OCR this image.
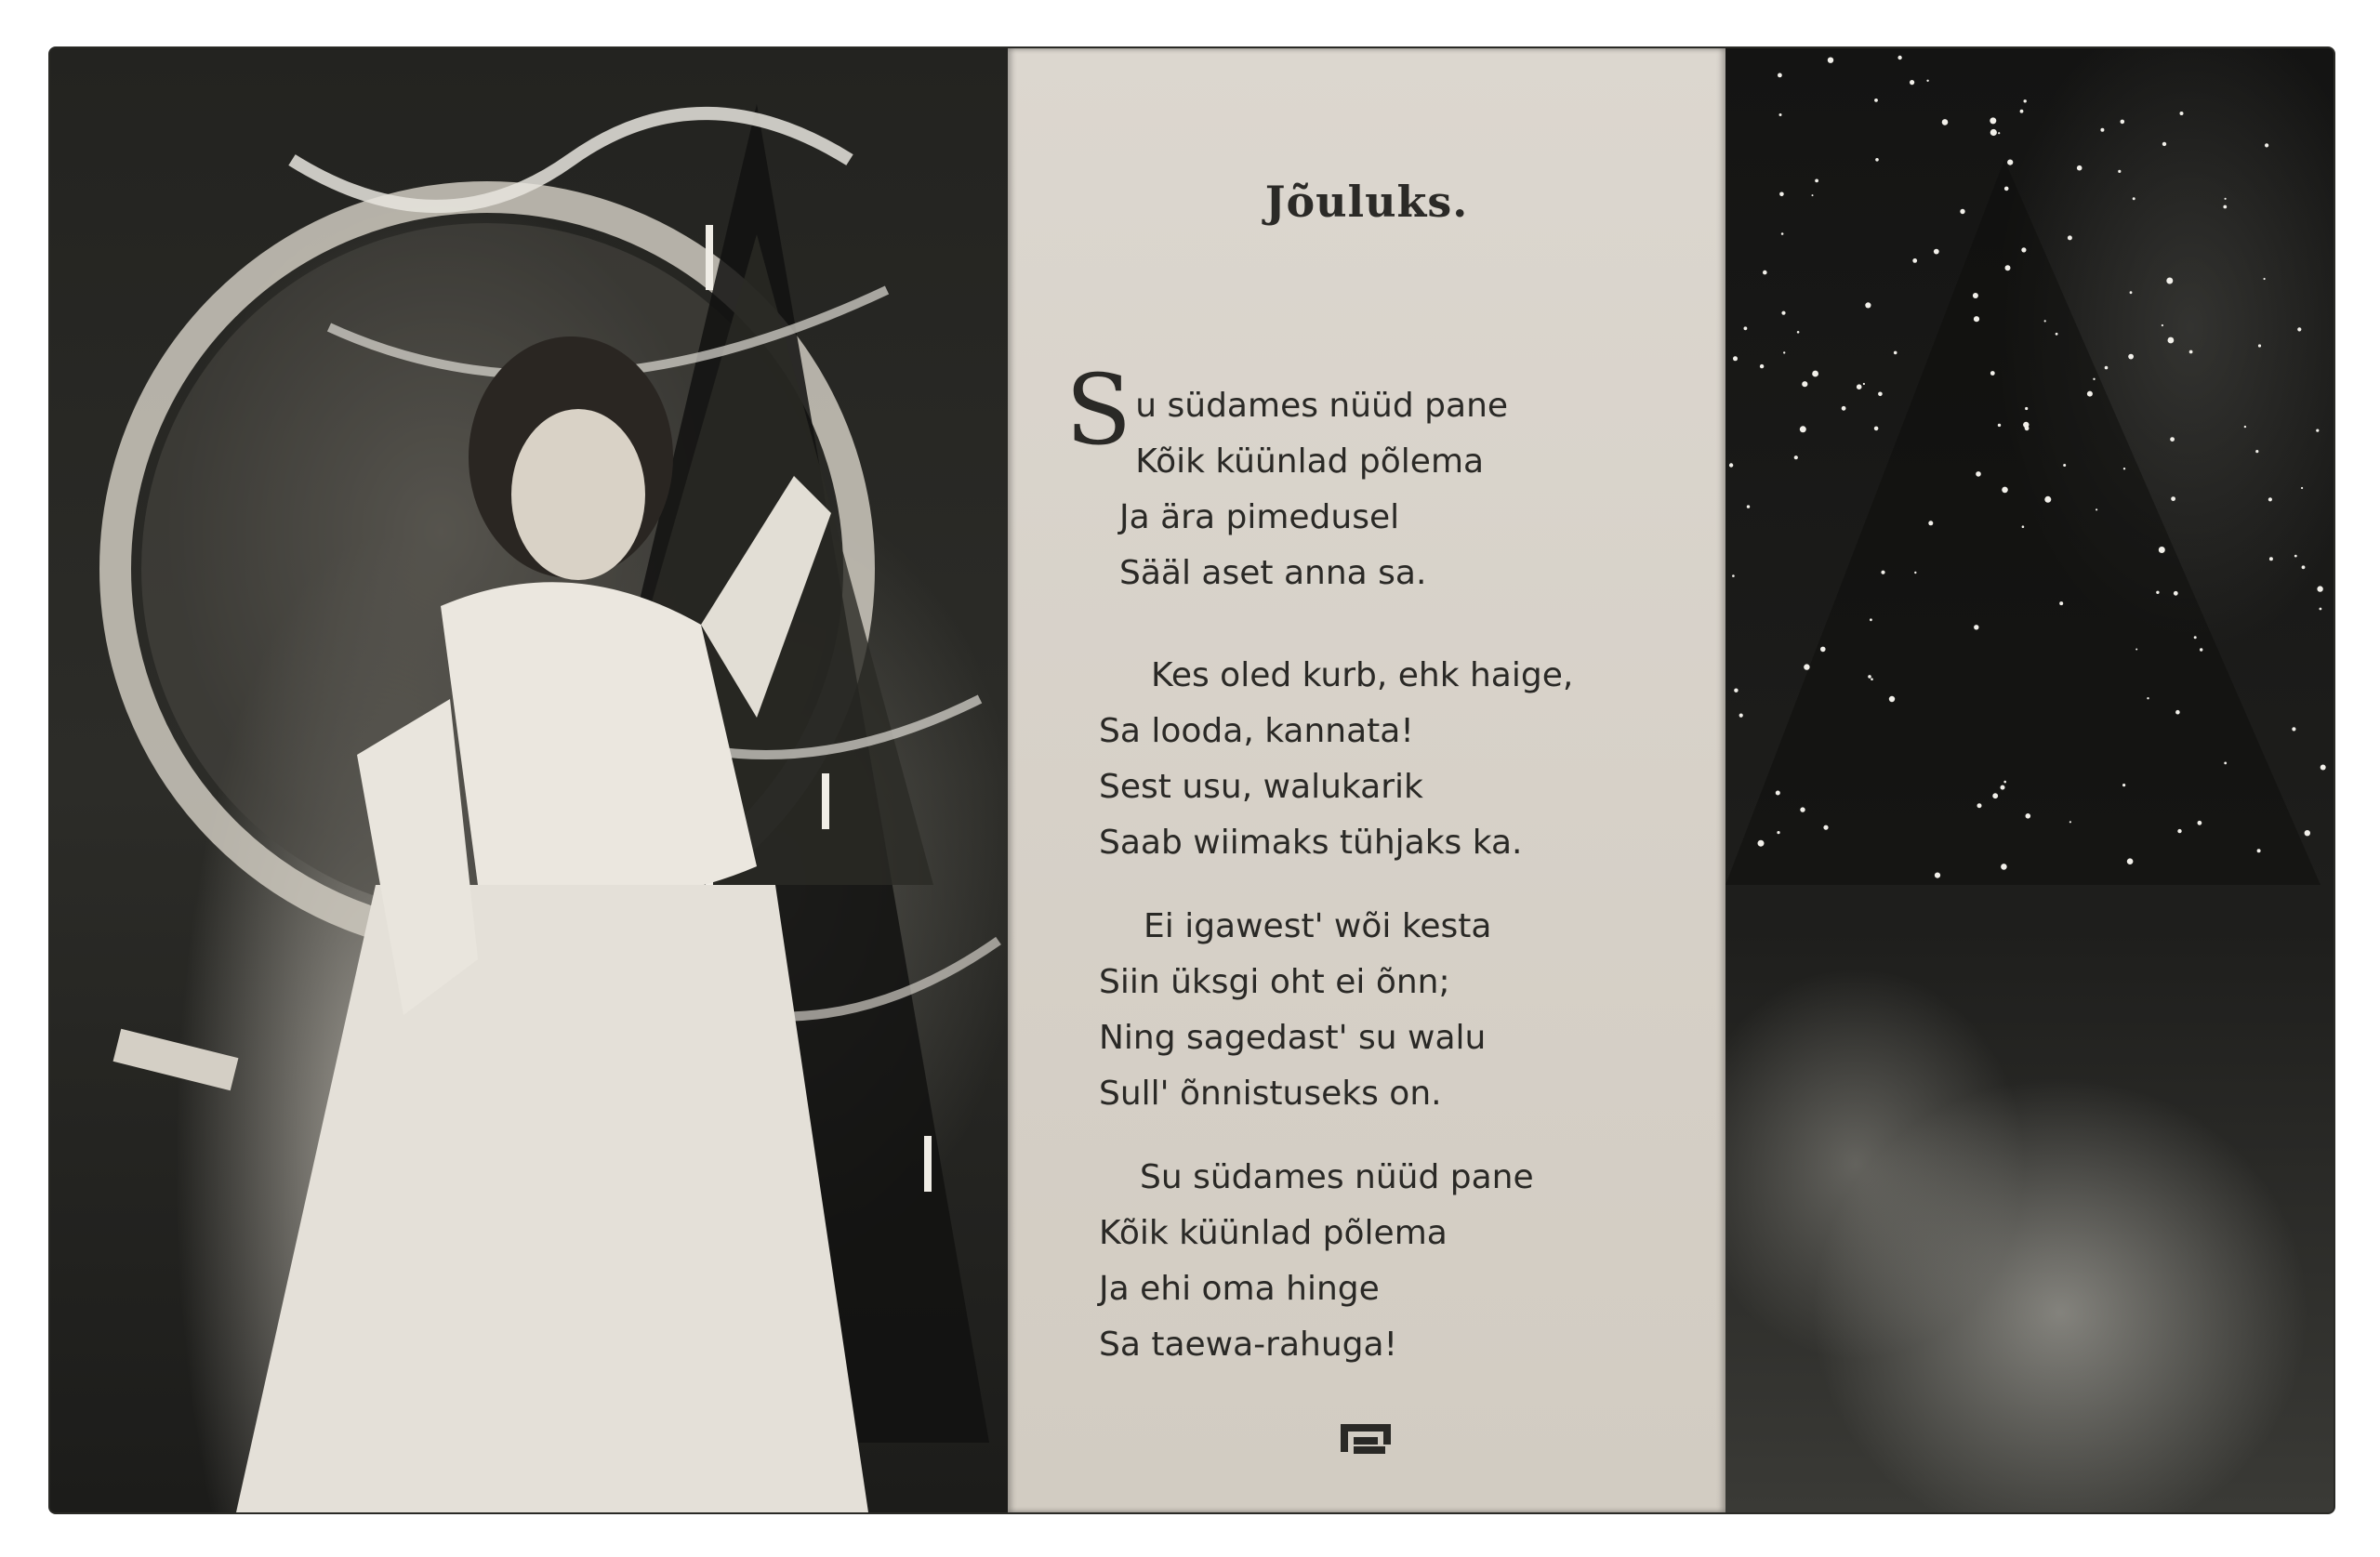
Jõuluks.
Su südames nüüd pane
Kõik küünlad põlema
Ja ära pimedusel
Sääl aset anna sa.
Kes oled kurb, ehk haige,
Sa looda, kannata!
Sest usu, walukarik
Saab wiimaks tühjaks ka.
Ei igawest' wõi kesta
Siin üksgi oht ei õnn;
Ning sagedast' su walu
Sull' õnnistuseks on.
Su südames nüüd pane
Kõik küünlad põlema
Ja ehi oma hinge
Sa taewa-rahuga!
